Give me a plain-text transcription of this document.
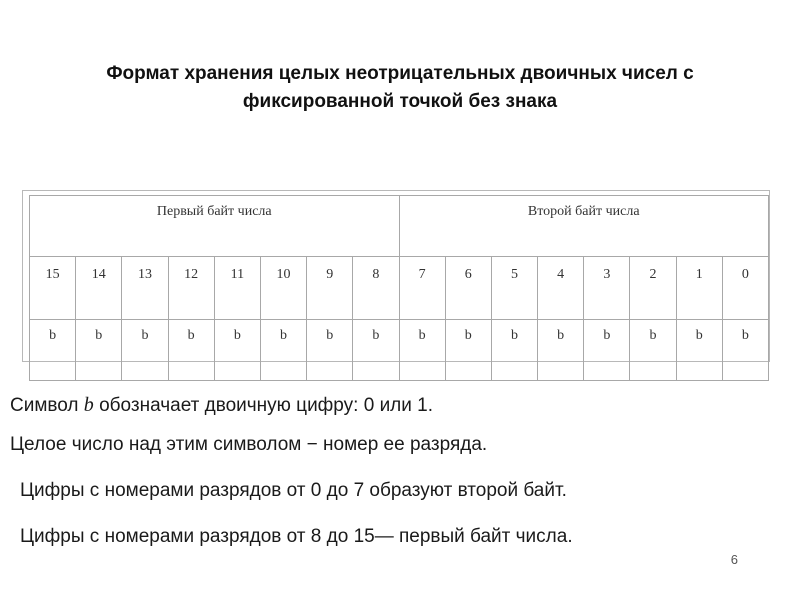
Формат хранения целых неотрицательных двоичных чисел с
фиксированной точкой без знака
Первый байт числа								Второй байт числа							
15	14	13	12	11	10	9	8	7	6	5	4	3	2	1	0
b	b	b	b	b	b	b	b	b	b	b	b	b	b	b	b
Символ b обозначает двоичную цифру: 0 или 1.
Целое число над этим символом − номер ее разряда.
Цифры с номерами разрядов от 0 до 7 образуют второй байт.
Цифры с номерами разрядов от 8 до 15— первый байт числа.
6
